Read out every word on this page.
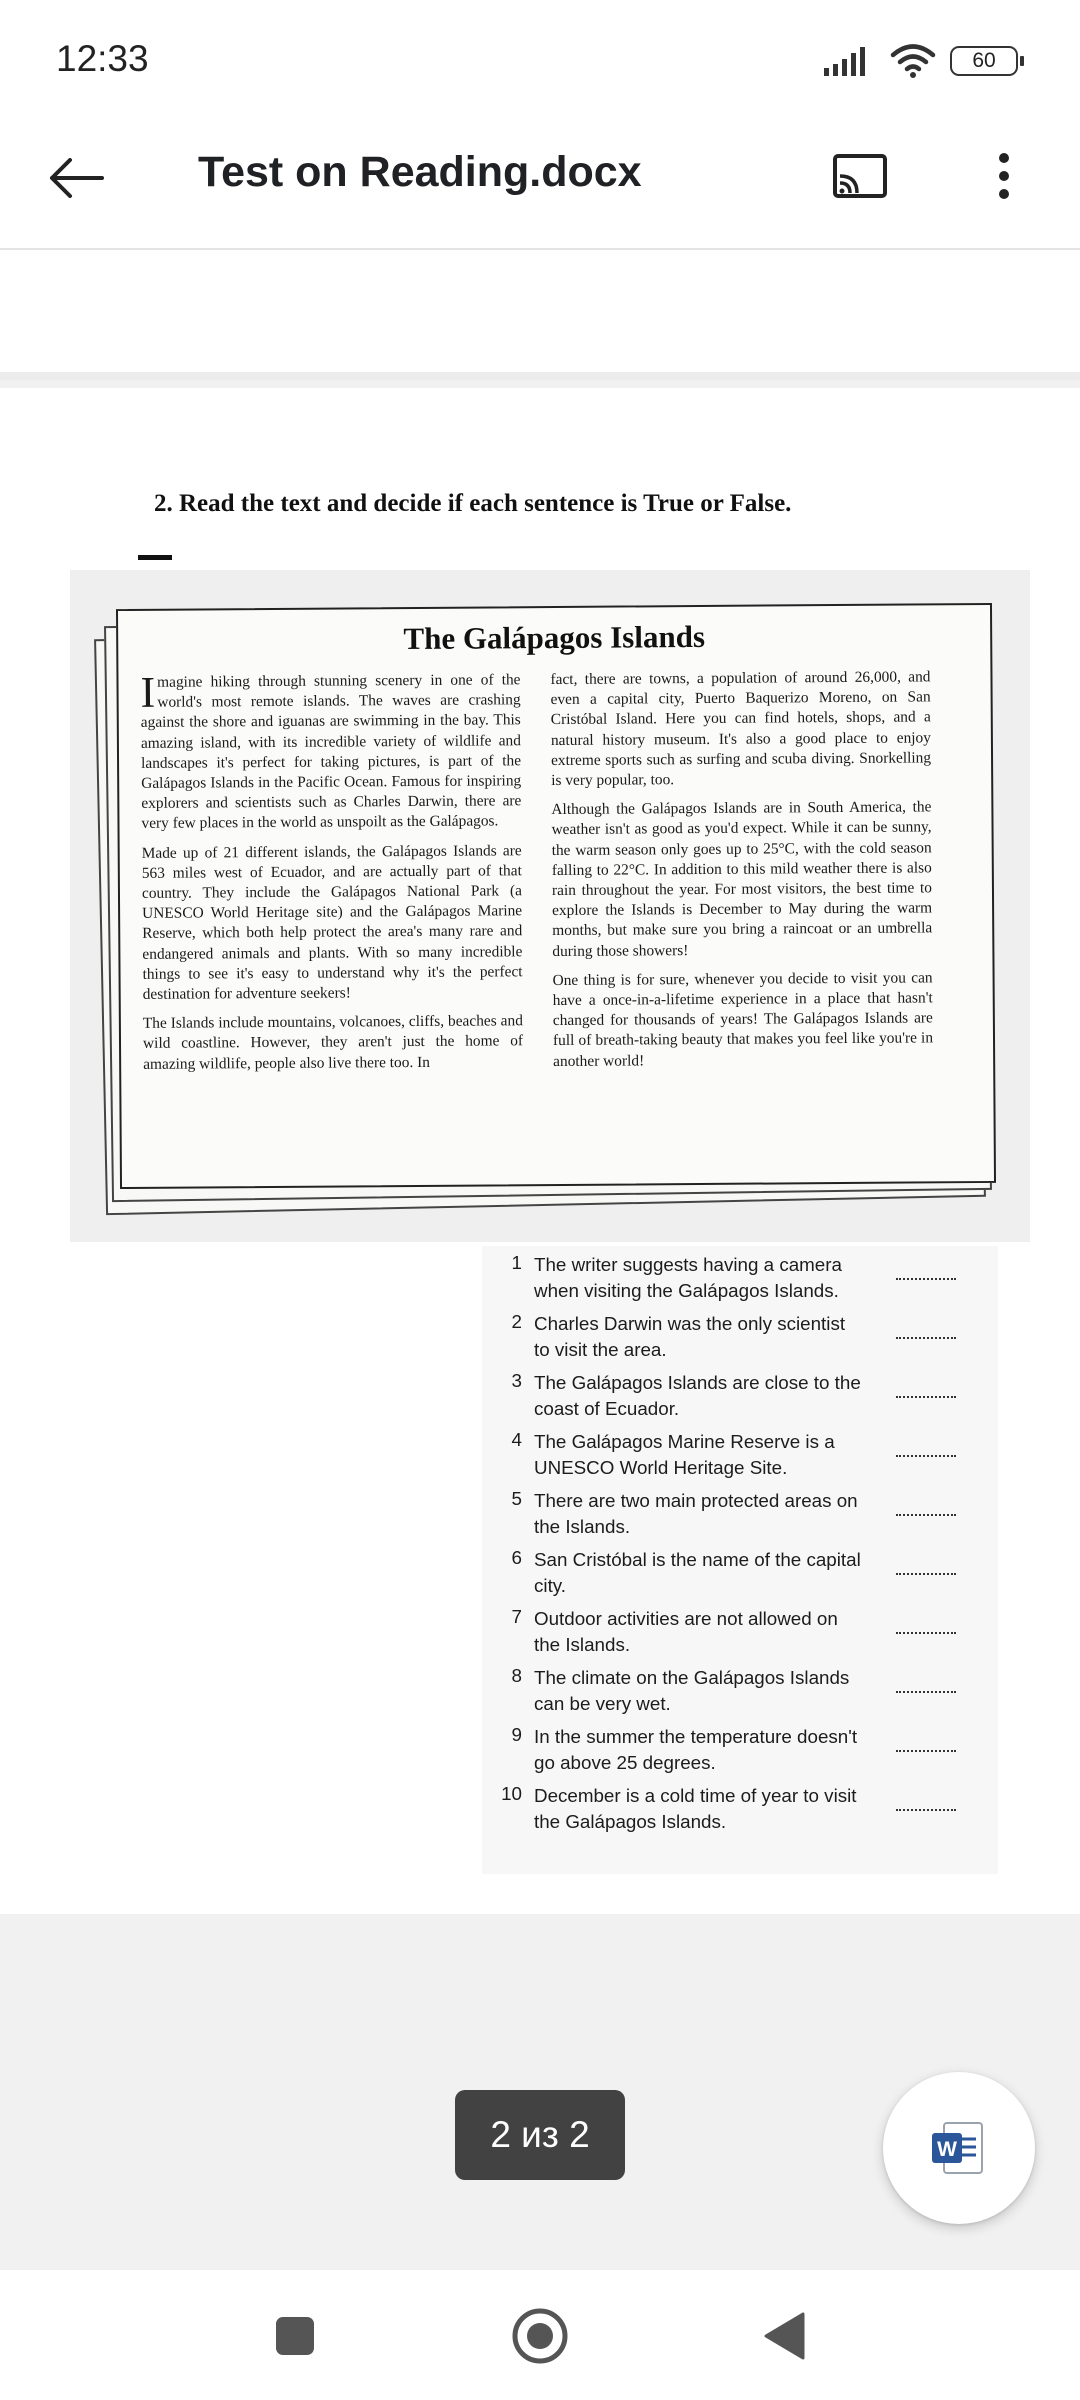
12:33	60
Test on Reading.docx
2. Read the text and decide if each sentence is True or False.
The Galápagos Islands

Imagine hiking through stunning scenery in one of the world's most remote islands. The waves are crashing against the shore and iguanas are swimming in the bay. This amazing island, with its incredible variety of wildlife and landscapes it's perfect for taking pictures, is part of the Galápagos Islands in the Pacific Ocean. Famous for inspiring explorers and scientists such as Charles Darwin, there are very few places in the world as unspoilt as the Galápagos.

Made up of 21 different islands, the Galápagos Islands are 563 miles west of Ecuador, and are actually part of that country. They include the Galápagos National Park (a UNESCO World Heritage site) and the Galápagos Marine Reserve, which both help protect the area's many rare and endangered animals and plants. With so many incredible things to see it's easy to understand why it's the perfect destination for adventure seekers!

The Islands include mountains, volcanoes, cliffs, beaches and wild coastline. However, they aren't just the home of amazing wildlife, people also live there too. In

fact, there are towns, a population of around 26,000, and even a capital city, Puerto Baquerizo Moreno, on San Cristóbal Island. Here you can find hotels, shops, and a natural history museum. It's also a good place to enjoy extreme sports such as surfing and scuba diving. Snorkelling is very popular, too.

Although the Galápagos Islands are in South America, the weather isn't as good as you'd expect. While it can be sunny, the warm season only goes up to 25°C, with the cold season falling to 22°C. In addition to this mild weather there is also rain throughout the year. For most visitors, the best time to explore the Islands is December to May during the warm months, but make sure you bring a raincoat or an umbrella during those showers!

One thing is for sure, whenever you decide to visit you can have a once-in-a-lifetime experience in a place that hasn't changed for thousands of years! The Galápagos Islands are full of breath-taking beauty that makes you feel like you're in another world!

1 The writer suggests having a camera when visiting the Galápagos Islands.
2 Charles Darwin was the only scientist to visit the area.
3 The Galápagos Islands are close to the coast of Ecuador.
4 The Galápagos Marine Reserve is a UNESCO World Heritage Site.
5 There are two main protected areas on the Islands.
6 San Cristóbal is the name of the capital city.
7 Outdoor activities are not allowed on the Islands.
8 The climate on the Galápagos Islands can be very wet.
9 In the summer the temperature doesn't go above 25 degrees.
10 December is a cold time of year to visit the Galápagos Islands.
2 из 2	W
